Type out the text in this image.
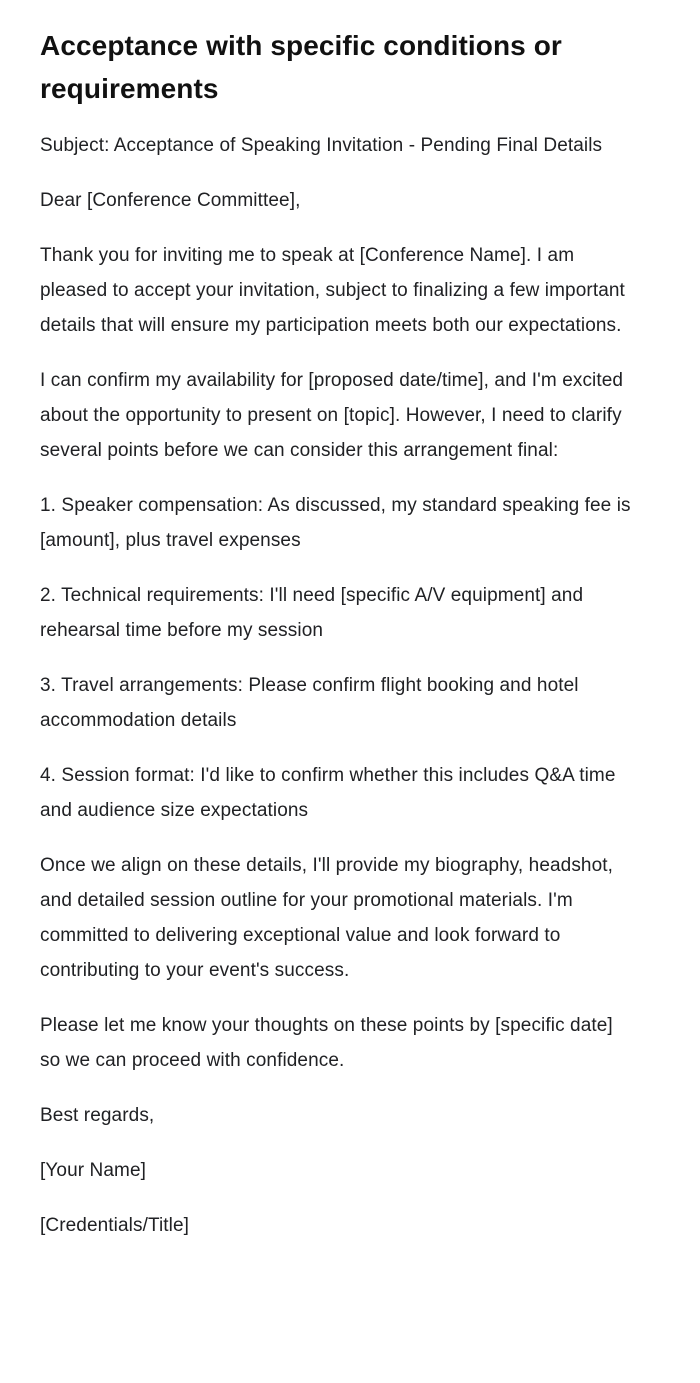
Acceptance with specific conditions or requirements

Subject: Acceptance of Speaking Invitation - Pending Final Details

Dear [Conference Committee],

Thank you for inviting me to speak at [Conference Name]. I am pleased to accept your invitation, subject to finalizing a few important details that will ensure my participation meets both our expectations.

I can confirm my availability for [proposed date/time], and I'm excited about the opportunity to present on [topic]. However, I need to clarify several points before we can consider this arrangement final:

1. Speaker compensation: As discussed, my standard speaking fee is [amount], plus travel expenses

2. Technical requirements: I'll need [specific A/V equipment] and rehearsal time before my session

3. Travel arrangements: Please confirm flight booking and hotel accommodation details

4. Session format: I'd like to confirm whether this includes Q&A time and audience size expectations

Once we align on these details, I'll provide my biography, headshot, and detailed session outline for your promotional materials. I'm committed to delivering exceptional value and look forward to contributing to your event's success.

Please let me know your thoughts on these points by [specific date] so we can proceed with confidence.

Best regards,

[Your Name]

[Credentials/Title]
